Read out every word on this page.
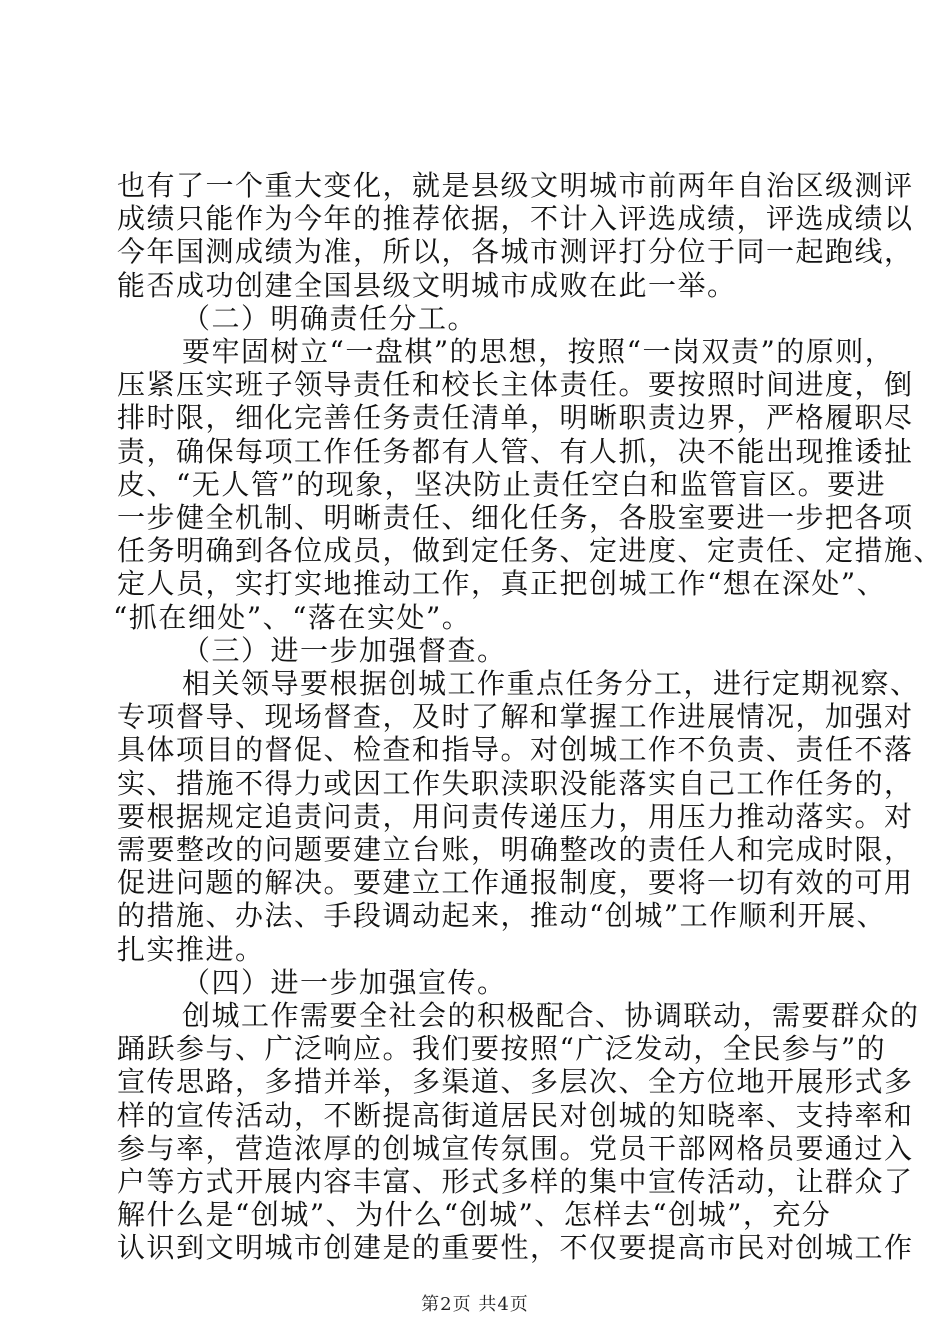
也有了一个重大变化，就是县级文明城市前两年自治区级测评
成绩只能作为今年的推荐依据，不计入评选成绩，评选成绩以
今年国测成绩为准，所以，各城市测评打分位于同一起跑线，
能否成功创建全国县级文明城市成败在此一举。
（二）明确责任分工。
要牢固树立“一盘棋”的思想，按照“一岗双责”的原则，
压紧压实班子领导责任和校长主体责任。要按照时间进度，倒
排时限，细化完善任务责任清单，明晰职责边界，严格履职尽
责，确保每项工作任务都有人管、有人抓，决不能出现推诿扯
皮、“无人管”的现象，坚决防止责任空白和监管盲区。要进
一步健全机制、明晰责任、细化任务，各股室要进一步把各项
任务明确到各位成员，做到定任务、定进度、定责任、定措施、
定人员，实打实地推动工作，真正把创城工作“想在深处”、
“抓在细处”、“落在实处”。
（三）进一步加强督查。
相关领导要根据创城工作重点任务分工，进行定期视察、
专项督导、现场督查，及时了解和掌握工作进展情况，加强对
具体项目的督促、检查和指导。对创城工作不负责、责任不落
实、措施不得力或因工作失职渎职没能落实自己工作任务的，
要根据规定追责问责，用问责传递压力，用压力推动落实。对
需要整改的问题要建立台账，明确整改的责任人和完成时限，
促进问题的解决。要建立工作通报制度，要将一切有效的可用
的措施、办法、手段调动起来，推动“创城”工作顺利开展、
扎实推进。
（四）进一步加强宣传。
创城工作需要全社会的积极配合、协调联动，需要群众的
踊跃参与、广泛响应。我们要按照“广泛发动，全民参与”的
宣传思路，多措并举，多渠道、多层次、全方位地开展形式多
样的宣传活动，不断提高街道居民对创城的知晓率、支持率和
参与率，营造浓厚的创城宣传氛围。党员干部网格员要通过入
户等方式开展内容丰富、形式多样的集中宣传活动，让群众了
解什么是“创城”、为什么“创城”、怎样去“创城”，充分
认识到文明城市创建是的重要性，不仅要提高市民对创城工作
第2页 共4页
